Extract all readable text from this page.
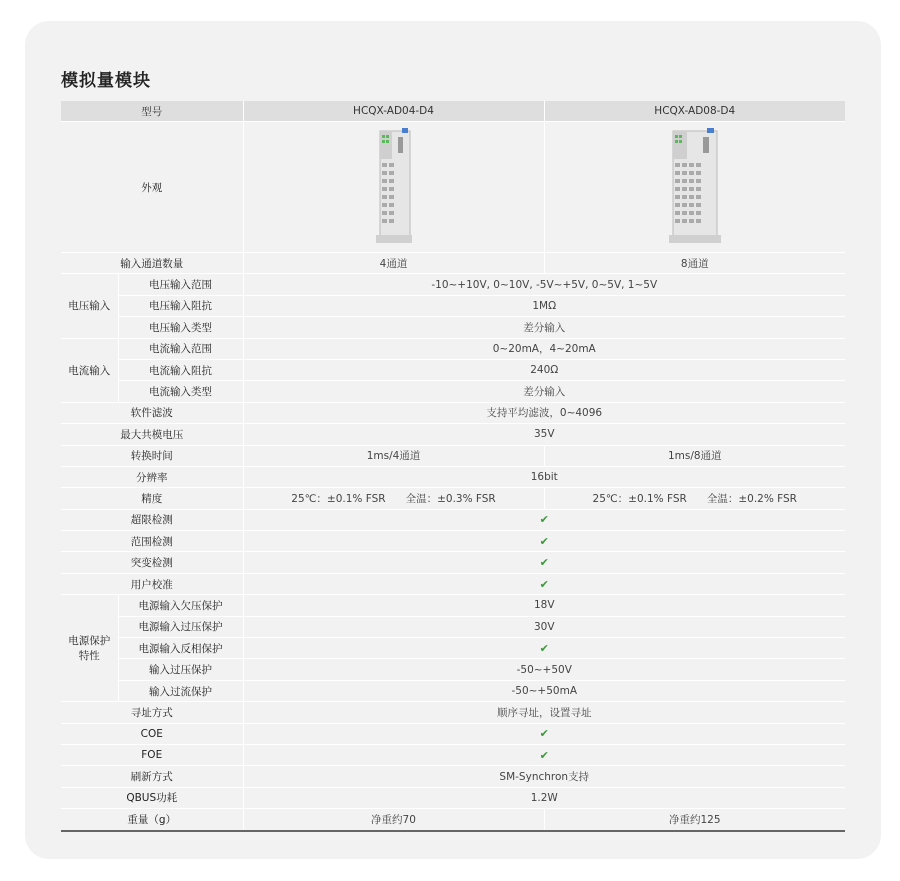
模拟量模块
型号		HCQX-AD04-D4	HCQX-AD08-D4
外观		
输入通道数量		4通道	8通道
电压输入	电压输入范围	-10~+10V, 0~10V, -5V~+5V, 0~5V, 1~5V	
	电压输入阻抗	1MΩ	
	电压输入类型	差分输入	
电流输入	电流输入范围	0~20mA，4~20mA	
	电流输入阻抗	240Ω	
	电流输入类型	差分输入	
软件滤波		支持平均滤波，0~4096	
最大共模电压		35V	
转换时间		1ms/4通道	1ms/8通道
分辨率		16bit	
精度		25℃：±0.1% FSR      全温：±0.3% FSR	25℃：±0.1% FSR      全温：±0.2% FSR
超限检测		✔	
范围检测		✔	
突变检测		✔	
用户校准		✔	

电源保护
特性	电源输入欠压保护	18V	
	电源输入过压保护	30V	
	电源输入反相保护	✔	
	输入过压保护	-50~+50V	
	输入过流保护	-50~+50mA	
寻址方式		顺序寻址，设置寻址	
COE		✔	
FOE		✔	
刷新方式		SM-Synchron支持	
QBUS功耗		1.2W	
重量（g）		净重约70	净重约125
